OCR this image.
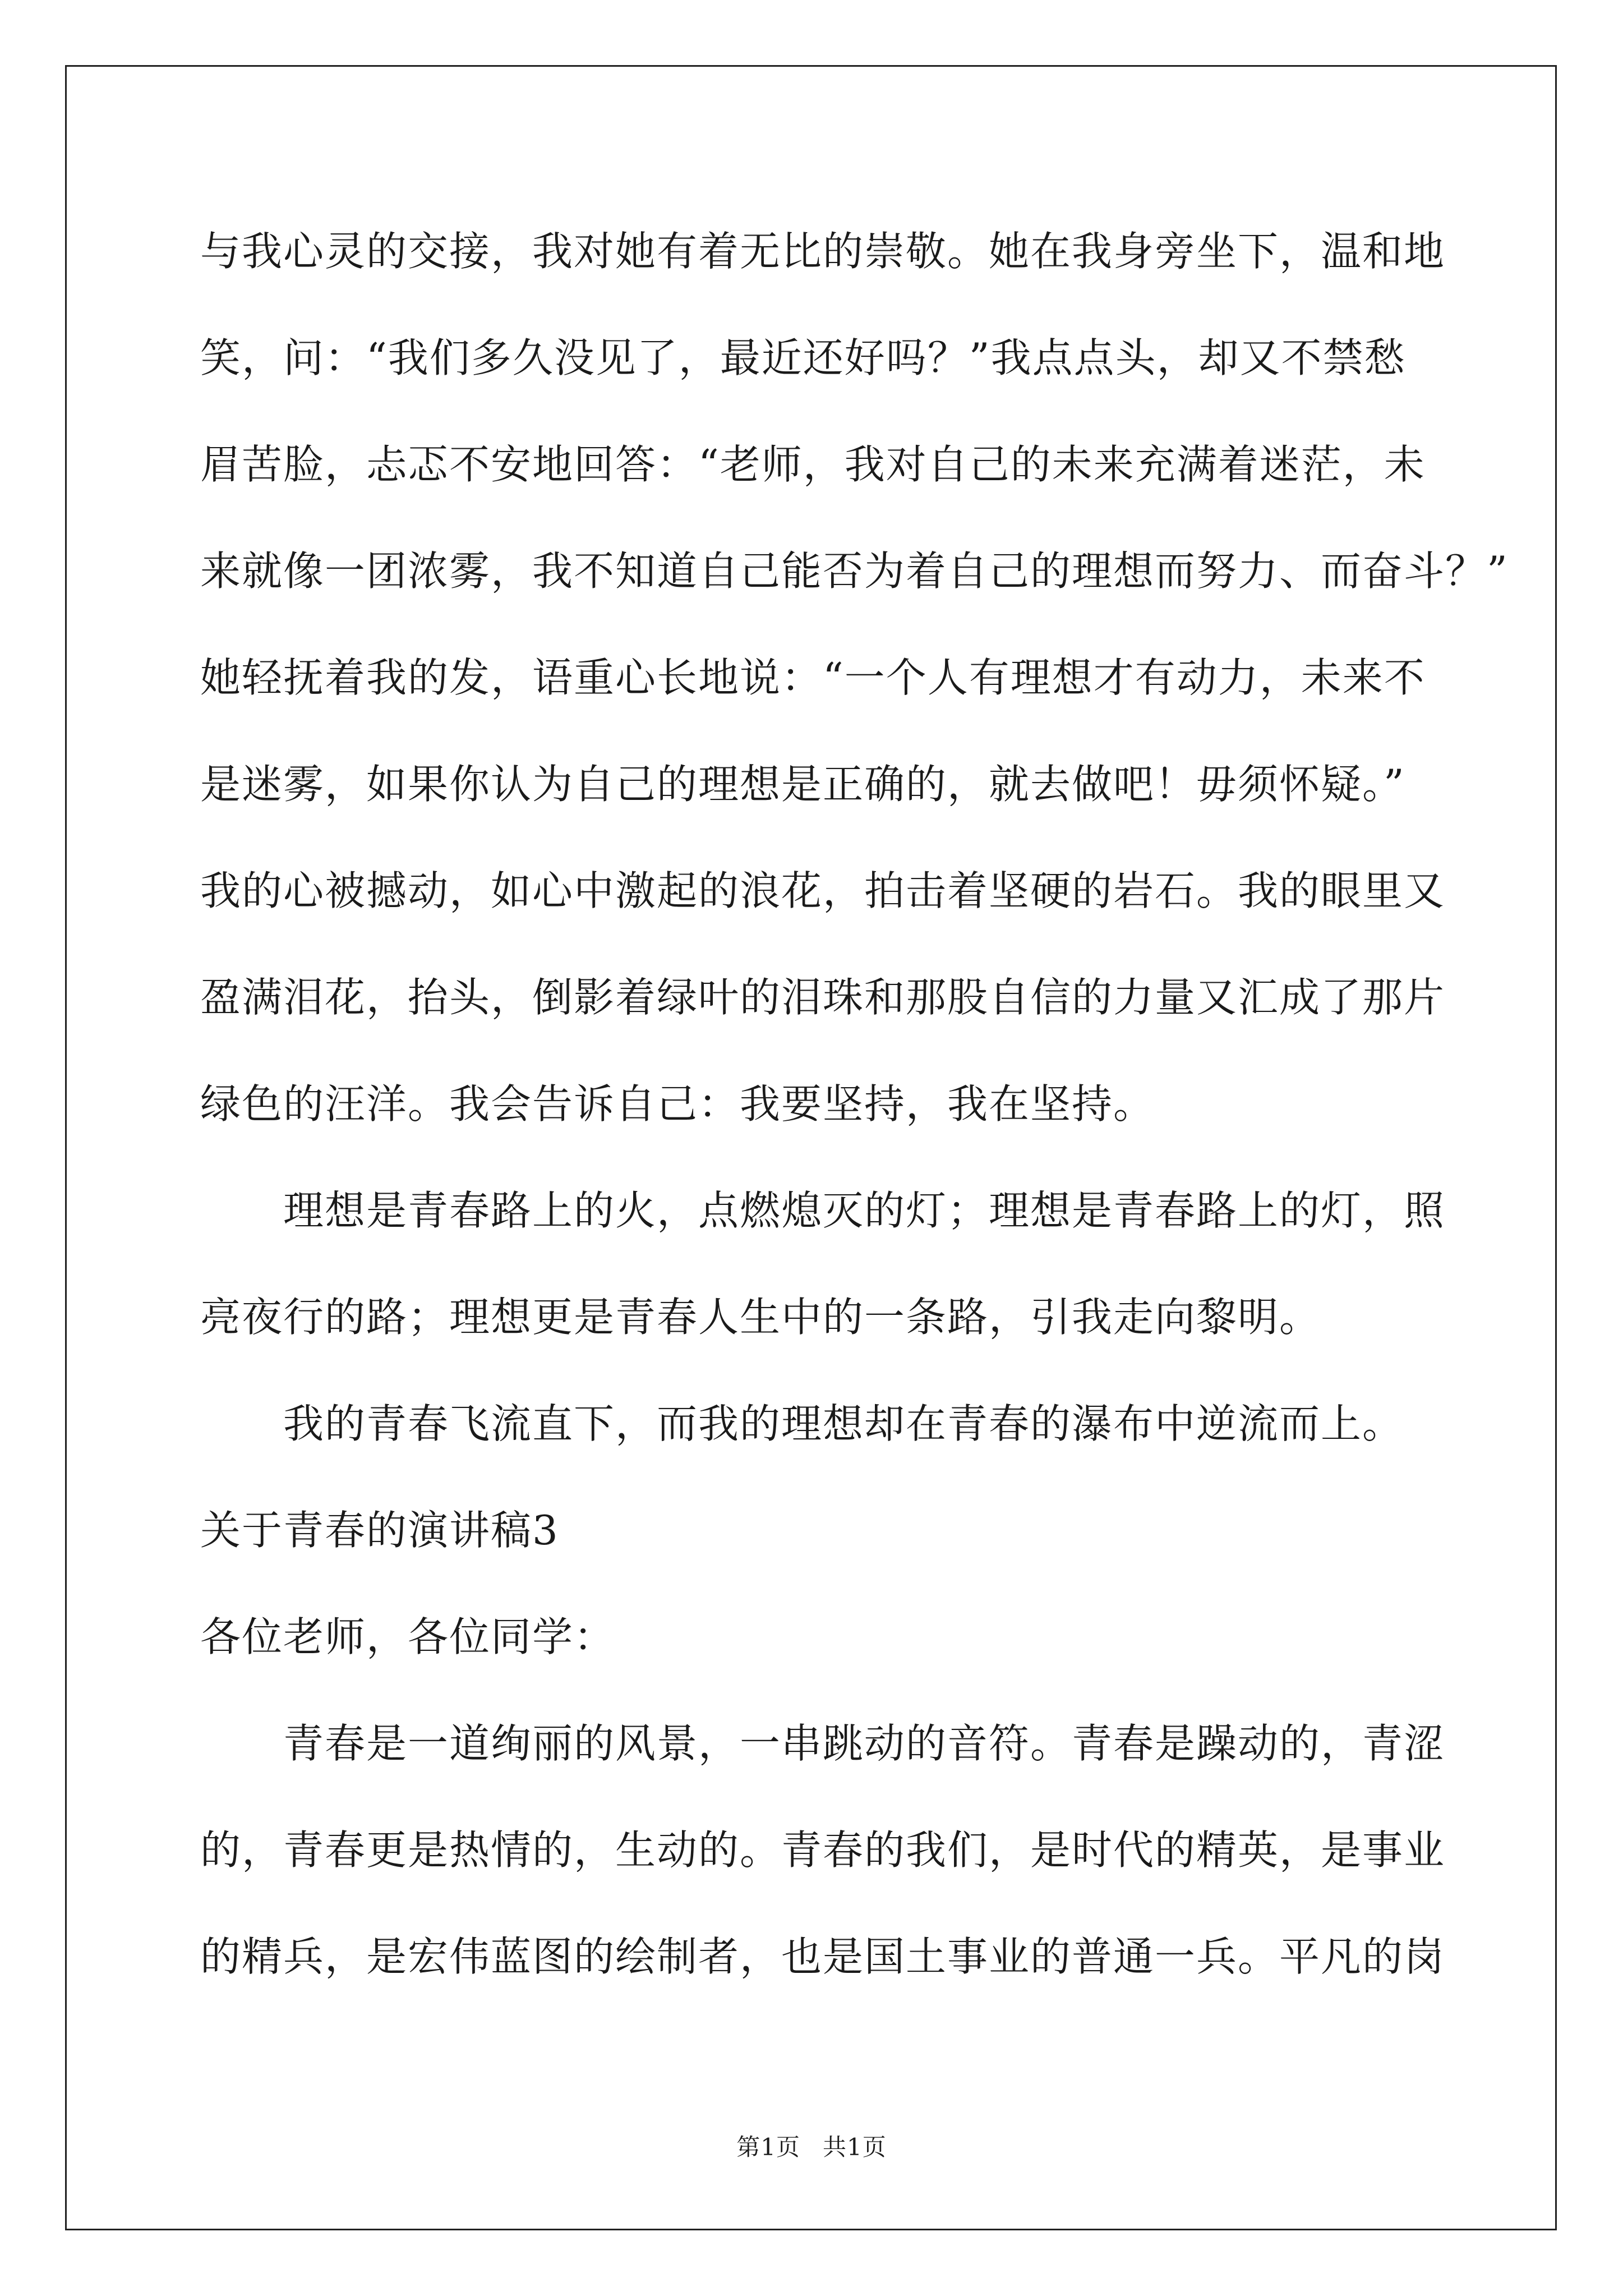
与我心灵的交接，我对她有着无比的崇敬。她在我身旁坐下，温和地
笑，问：“我们多久没见了，最近还好吗？”我点点头，却又不禁愁
眉苦脸，忐忑不安地回答：“老师，我对自己的未来充满着迷茫，未
来就像一团浓雾，我不知道自己能否为着自己的理想而努力、而奋斗？”
她轻抚着我的发，语重心长地说：“一个人有理想才有动力，未来不
是迷雾，如果你认为自己的理想是正确的，就去做吧！毋须怀疑。”
我的心被撼动，如心中激起的浪花，拍击着坚硬的岩石。我的眼里又
盈满泪花，抬头，倒影着绿叶的泪珠和那股自信的力量又汇成了那片
绿色的汪洋。我会告诉自己：我要坚持，我在坚持。
理想是青春路上的火，点燃熄灭的灯；理想是青春路上的灯，照
亮夜行的路；理想更是青春人生中的一条路，引我走向黎明。
我的青春飞流直下，而我的理想却在青春的瀑布中逆流而上。
关于青春的演讲稿3
各位老师，各位同学：
青春是一道绚丽的风景，一串跳动的音符。青春是躁动的，青涩
的，青春更是热情的，生动的。青春的我们，是时代的精英，是事业
的精兵，是宏伟蓝图的绘制者，也是国土事业的普通一兵。平凡的岗
第1页 共1页
